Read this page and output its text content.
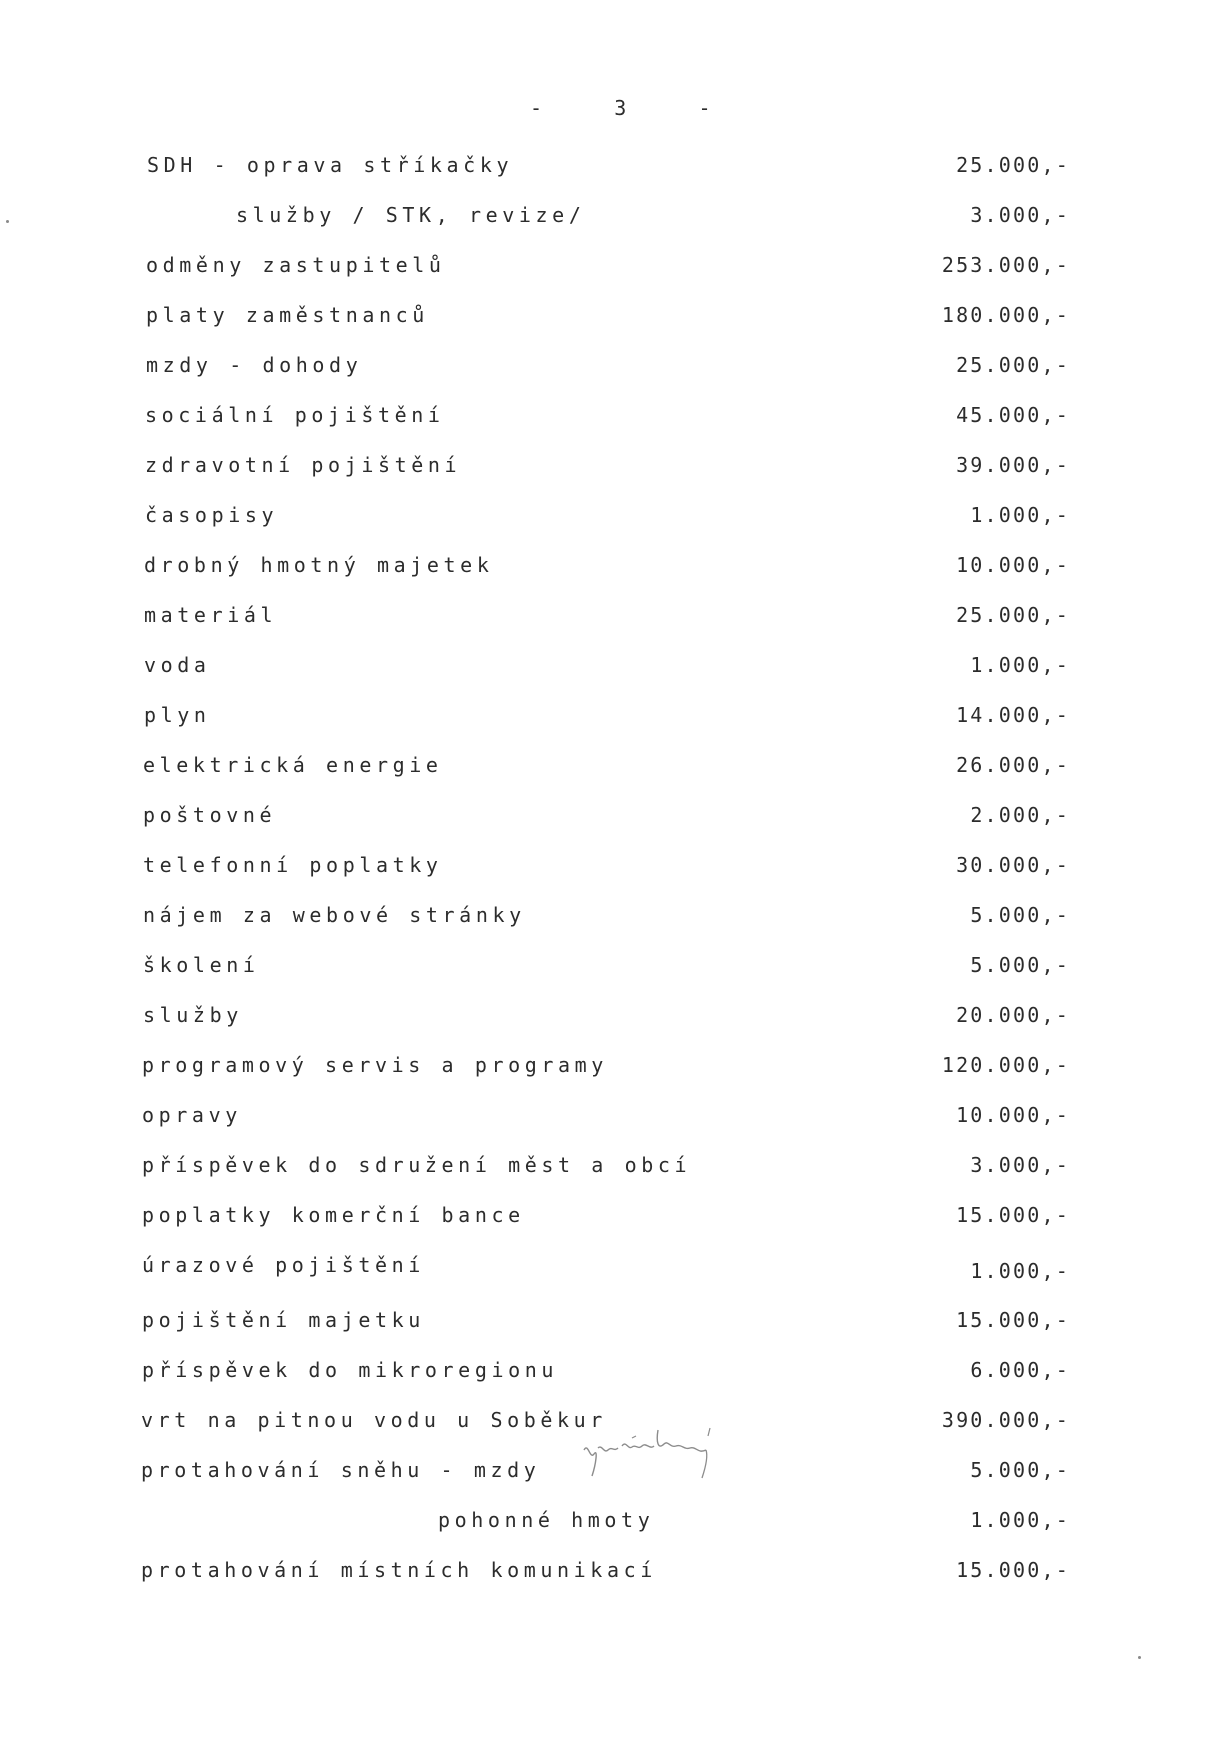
-     3     -
SDH - oprava stříkačky	25.000,-
služby / STK, revize/	3.000,-
odměny zastupitelů	253.000,-
platy zaměstnanců	180.000,-
mzdy - dohody	25.000,-
sociální pojištění	45.000,-
zdravotní pojištění	39.000,-
časopisy	1.000,-
drobný hmotný majetek	10.000,-
materiál	25.000,-
voda	1.000,-
plyn	14.000,-
elektrická energie	26.000,-
poštovné	2.000,-
telefonní poplatky	30.000,-
nájem za webové stránky	5.000,-
školení	5.000,-
služby	20.000,-
programový servis a programy	120.000,-
opravy	10.000,-
příspěvek do sdružení měst a obcí	3.000,-
poplatky komerční bance	15.000,-
úrazové pojištění	1.000,-
pojištění majetku	15.000,-
příspěvek do mikroregionu	6.000,-
vrt na pitnou vodu u Soběkur	390.000,-
protahování sněhu - mzdy	5.000,-
pohonné hmoty	1.000,-
protahování místních komunikací	15.000,-
